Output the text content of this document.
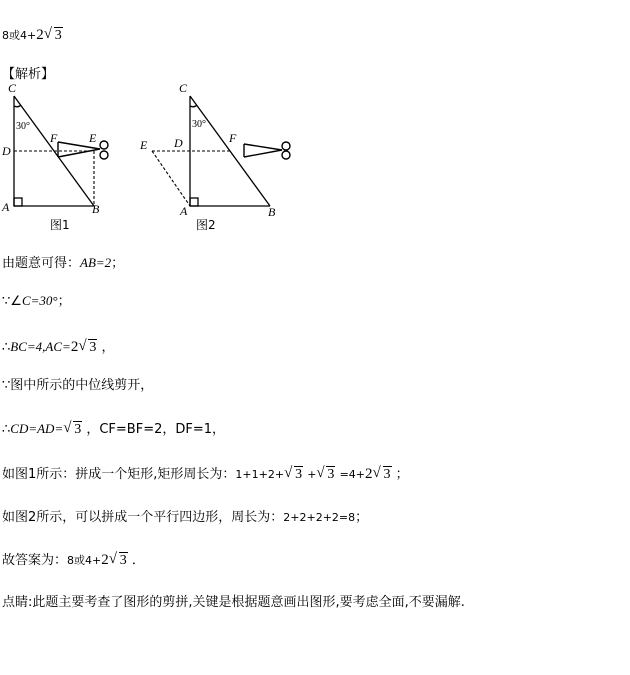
8或4+2 √ 3
【解析】
C
D
A	B
F	E
30°
图1
C
D
A	B
F
E
30°
图2
由题意可得：AB=2；
∵∠C=30°；
∴BC=4,AC=2 √ 3 ，
∵图中所示的中位线剪开，
∴CD=AD= √ 3 ，CF=BF=2，DF=1，
如图1所示：拼成一个矩形,矩形周长为：1+1+2+ √ 3 + √ 3 =4+2 √ 3 ；
如图2所示，可以拼成一个平行四边形，周长为：2+2+2+2=8；
故答案为：8或4+2 √ 3 ．
点睛:此题主要考查了图形的剪拼,关键是根据题意画出图形,要考虑全面,不要漏解.
